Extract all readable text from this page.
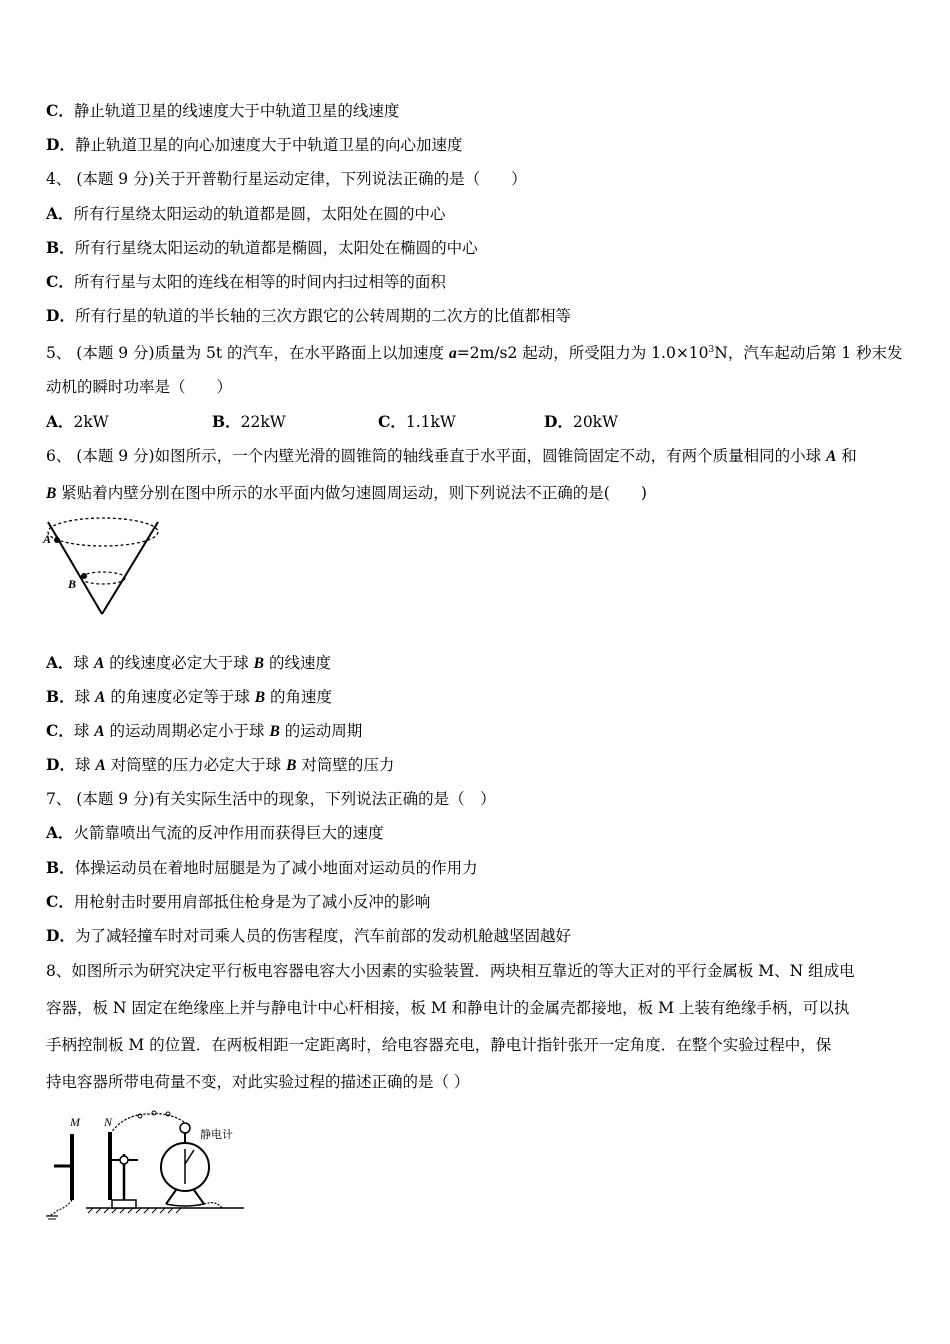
C．静止轨道卫星的线速度大于中轨道卫星的线速度
D．静止轨道卫星的向心加速度大于中轨道卫星的向心加速度
4、 (本题 9 分)关于开普勒行星运动定律，下列说法正确的是（　　）
A．所有行星绕太阳运动的轨道都是圆，太阳处在圆的中心
B．所有行星绕太阳运动的轨道都是椭圆，太阳处在椭圆的中心
C．所有行星与太阳的连线在相等的时间内扫过相等的面积
D．所有行星的轨道的半长轴的三次方跟它的公转周期的二次方的比值都相等
5、 (本题 9 分)质量为 5t 的汽车，在水平路面上以加速度 a=2m/s2 起动，所受阻力为 $1.0\times 10^3N$，汽车起动后第 1 秒末发
动机的瞬时功率是（　　）
A．2kW	B．22kW	C．1.1kW	D．20kW
6、 (本题 9 分)如图所示，一个内壁光滑的圆锥筒的轴线垂直于水平面，圆锥筒固定不动，有两个质量相同的小球 A 和
B 紧贴着内壁分别在图中所示的水平面内做匀速圆周运动，则下列说法不正确的是(　　)
A
B
A．球 A 的线速度必定大于球 B 的线速度
B．球 A 的角速度必定等于球 B 的角速度
C．球 A 的运动周期必定小于球 B 的运动周期
D．球 A 对筒壁的压力必定大于球 B 对筒壁的压力
7、 (本题 9 分)有关实际生活中的现象，下列说法正确的是（　）
A．火箭靠喷出气流的反冲作用而获得巨大的速度
B．体操运动员在着地时屈腿是为了减小地面对运动员的作用力
C．用枪射击时要用肩部抵住枪身是为了减小反冲的影响
D．为了减轻撞车时对司乘人员的伤害程度，汽车前部的发动机舱越坚固越好
8、如图所示为研究决定平行板电容器电容大小因素的实验装置．两块相互靠近的等大正对的平行金属板 M、N 组成电
容器，板 N 固定在绝缘座上并与静电计中心杆相接，板 M 和静电计的金属壳都接地，板 M 上装有绝缘手柄，可以执
手柄控制板 M 的位置．在两板相距一定距离时，给电容器充电，静电计指针张开一定角度．在整个实验过程中，保
持电容器所带电荷量不变，对此实验过程的描述正确的是（ ）
M N
静电计
